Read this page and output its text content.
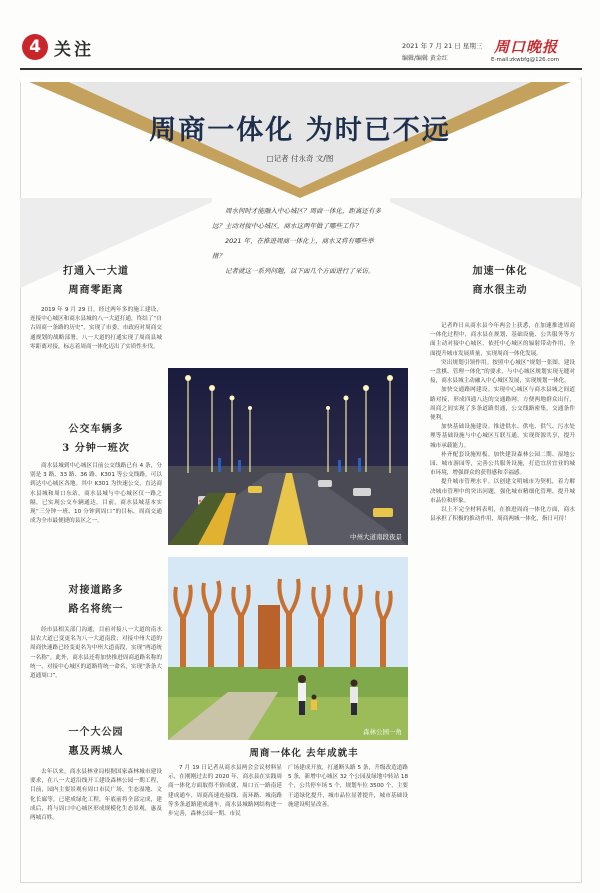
4 关注	2021 年 7 月 21 日 星期三
编辑/编辑 黄金红
周口晚报
E-mail:zkwbfg@126.com
周商一体化 为时已不远
□记者 付永奇 文/图

周水何时才能融入中心城区？周商一体化，距离还有多远？主动对接中心城区，商水这两年做了哪些工作？

2021 年，在推进周商一体化上，商水又将有哪些举措？

记者就这一系列问题，以下面几个方面进行了采访。

打通入一大道
周商零距离

2019 年 9 月 29 日，经过两年多的施工建设，连接中心城区和商水县城的八一大道打通，终结了“自古周商一条路的历史”，实现了市委、市政府对周商交通规划的战略部署，八一大道的打通实现了周商县城零距离对接，标志着周商一体化迈出了实质性步伐。

公交车辆多
3 分钟一班次

商水县城到中心城区目前公交线路已有 4 条，分别是 3 路、33 路、36 路、K301 等公交线路，可以到达中心城区各地。其中 K301 为快速公交，直达商水县城和周口东站，商水县城与中心城区仅一路之隔，已实现公交车辆通达。目前，商水县城基本实现“三分钟一班、10 分钟到周口”的目标，周商交通成为全市最便捷的县区之一。

对接道路多
路名将统一

经市县相关部门沟通，目前对接八一大道的南水县农大道已变更名为八一大道南段；对接中州大道的周商快速路已经变更名为中州大道南段，实现“两道统一名称”。此外，商水县还将加快推进周商道路名称的统一，对接中心城区的道路将统一命名，实现“条条大道通周口”。

一个大公园
惠及两城人

去年以来，商水县林业局根据国家森林城市建设要求，在八一大道沿线开工建设森林公园一期工程，目前，园内主要景观有周口市民广场、生态湿地、文化长廊等，已建成绿化工程，年底前将全部完成，建成后，将与周口中心城区形成规模化生态景观，惠及两城百姓。

中州大道南段夜景
森林公园一角
周商一体化 去年成就丰

7 月 19 日记者从商水县两会会议材料显示，在刚刚过去的 2020 年，商水县在实践周商一体化方面取得不俗成就，周口五一路南延建成通车，周商高速连接线、南环路、城南路等多条道路建成通车，商水县城路网结构进一步完善，森林公园一期、市民

广场建成开放，打通断头路 5 条，升级改造道路 5 条，新增中心城区 32 个公园及绿地中转站 18 个，公共停车场 5 个，规划车位 3500 个，主要干道绿化提升，城市品位显著提升，城市基础设施建设明显改善。

加速一体化
商水很主动

记者昨日从商水县今年两会上获悉，在加速推进周商一体化过程中，商水县在规划、基础设施、公共服务等方面主动对接中心城区，依托中心城区的辐射带动作用，全面提升城市发展质量，实现周商一体化发展。

突出规划引领作用。按照中心城区“规划一张图、建设一盘棋、管理一体化”的要求，与中心城区规划实现无缝对接，商水县城主动融入中心城区发展，实现规划一体化。

加快交通路网建设。实现中心城区与商水县城之间道路对接，形成四通八达的交通路网，方便两地群众出行，周商之间实现了多条道路贯通，公交线路密集，交通条件便利。

加快基础设施建设。推进供水、供电、供气、污水处理等基础设施与中心城区互联互通，实现资源共享，提升城市承载能力。

补齐配套设施短板。加快建设森林公园二期、湿地公园、城市游园等，完善公共服务设施，打造宜居宜业的城市环境，增强群众的获得感和幸福感。

提升城市管理水平。以创建文明城市为契机，着力解决城市管理中的突出问题，强化城市精细化管理，提升城市品位和形象。

以上不完全材料表明，在推进周商一体化方面，商水县承担了积极的推动作用，周商两城一体化，指日可待！
